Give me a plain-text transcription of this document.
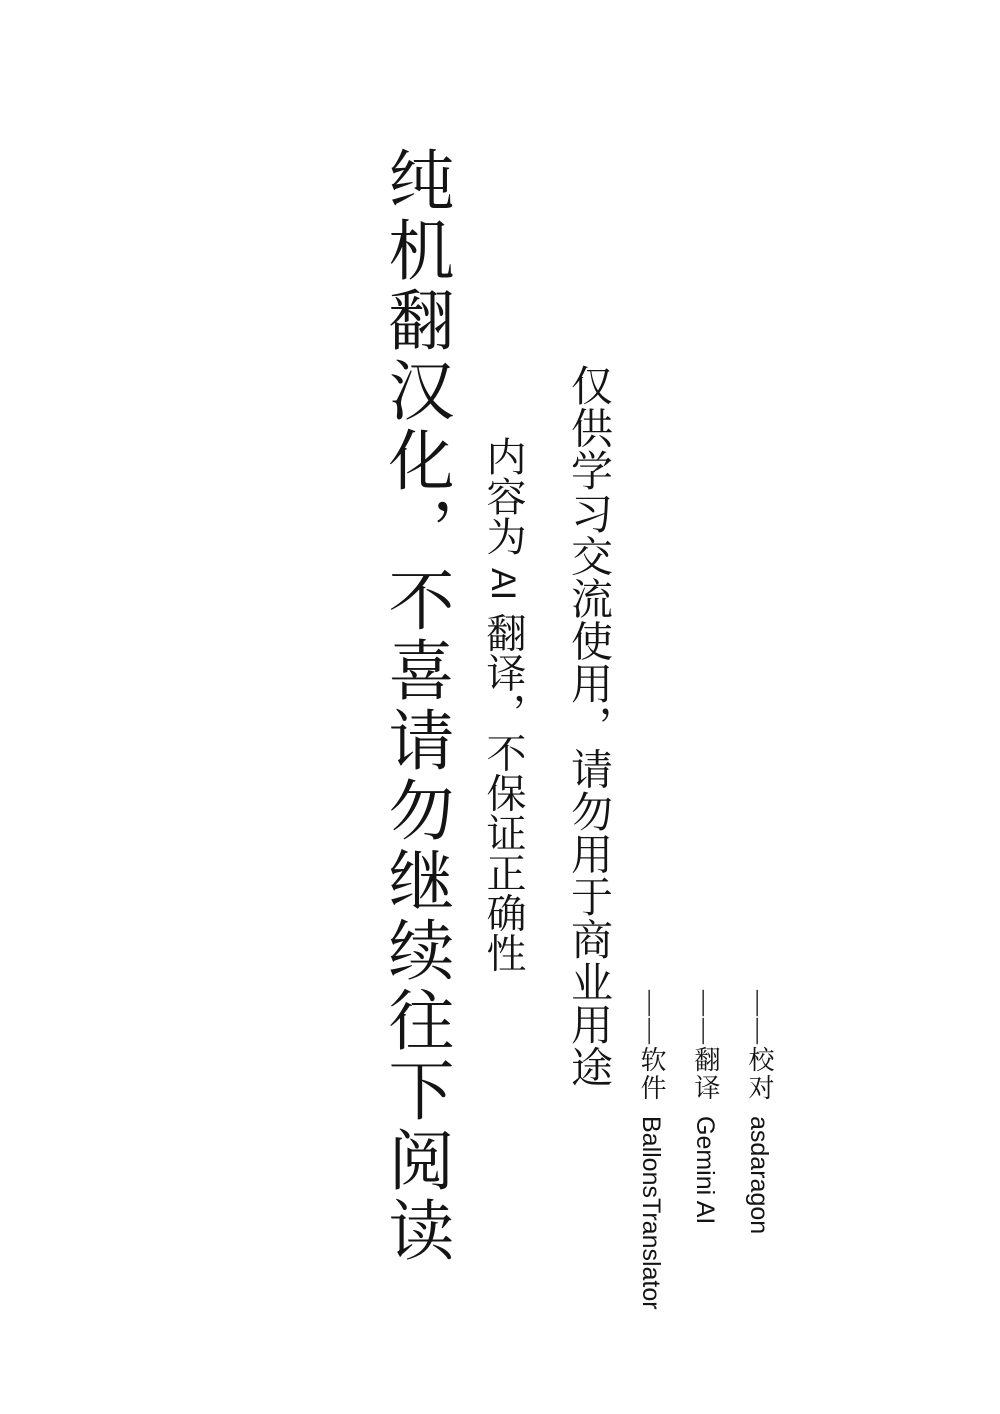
纯机翻汉化，不喜请勿继续往下阅读	仅供学习交流使用，请勿用于商业用途
内容为AI翻译，不保证正确性
——校对asdaragon
——翻译Gemini AI
——软件BallonsTranslator
